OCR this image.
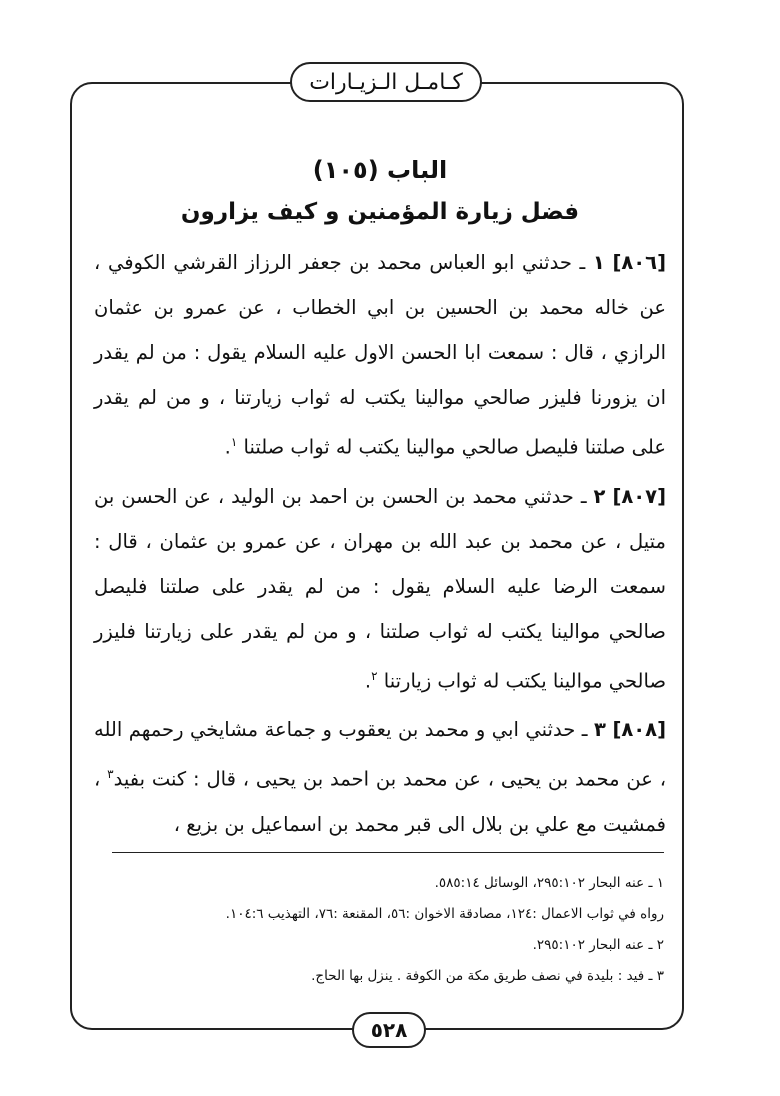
كـامـل الـزيـارات

الباب (١٠٥)

فضل زيارة المؤمنين و كيف يزارون

[٨٠٦] ١ ـ حدثني ابو العباس محمد بن جعفر الرزاز القرشي الكوفي ، عن خاله محمد بن الحسين بن ابي الخطاب ، عن عمرو بن عثمان الرازي ، قال : سمعت ابا الحسن الاول عليه السلام يقول : من لم يقدر ان يزورنا فليزر صالحي موالينا يكتب له ثواب زيارتنا ، و من لم يقدر على صلتنا فليصل صالحي موالينا يكتب له ثواب صلتنا $^١$.

[٨٠٧] ٢ ـ حدثني محمد بن الحسن بن احمد بن الوليد ، عن الحسن بن متيل ، عن محمد بن عبد الله بن مهران ، عن عمرو بن عثمان ، قال : سمعت الرضا عليه السلام يقول : من لم يقدر على صلتنا فليصل صالحي موالينا يكتب له ثواب صلتنا ، و من لم يقدر على زيارتنا فليزر صالحي موالينا يكتب له ثواب زيارتنا $^٢$.

[٨٠٨] ٣ ـ حدثني ابي و محمد بن يعقوب و جماعة مشايخي رحمهم الله ، عن محمد بن يحيى ، عن محمد بن احمد بن يحيى ، قال : كنت بفيد$^٣$ ، فمشيت مع علي بن بلال الى قبر محمد بن اسماعيل بن بزيع ،

١ ـ عنه البحار ٢٩٥:١٠٢، الوسائل ٥٨٥:١٤.

رواه في ثواب الاعمال :١٢٤، مصادقة الاخوان :٥٦، المقنعة :٧٦، التهذيب ١٠٤:٦.

٢ ـ عنه البحار ٢٩٥:١٠٢.

٣ ـ فيد : بليدة في نصف طريق مكة من الكوفة . ينزل بها الحاج.

٥٢٨
